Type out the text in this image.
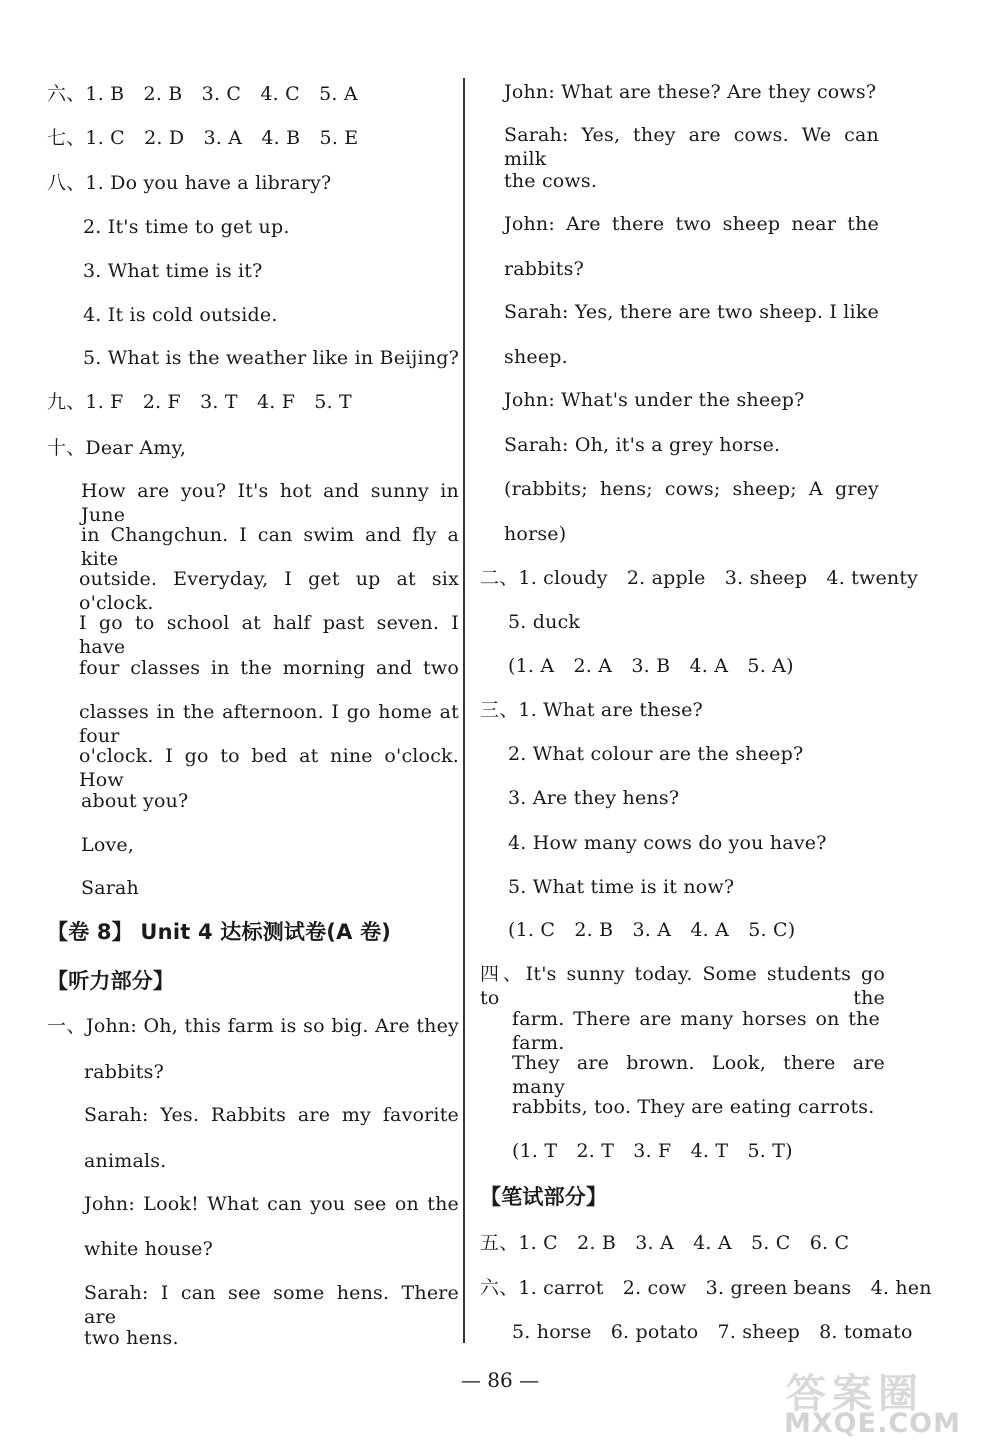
六、1. B　2. B　3. C　4. C　5. A
七、1. C　2. D　3. A　4. B　5. E
八、1. Do you have a library?
2. It's time to get up.
3. What time is it?
4. It is cold outside.
5. What is the weather like in Beijing?
九、1. F　2. F　3. T　4. F　5. T
十、Dear Amy,
How are you? It's hot and sunny in June
in Changchun. I can swim and fly a kite
outside. Everyday, I get up at six o'clock.
I go to school at half past seven. I have
four classes in the morning and two
classes in the afternoon. I go home at four
o'clock. I go to bed at nine o'clock. How
about you?
Love,
Sarah
【卷 8】 Unit 4 达标测试卷(A 卷)
【听力部分】
一、John: Oh, this farm is so big. Are they
rabbits?
Sarah: Yes. Rabbits are my favorite
animals.
John: Look! What can you see on the
white house?
Sarah: I can see some hens. There are
two hens.
John: What are these? Are they cows?
Sarah: Yes, they are cows. We can milk
the cows.
John: Are there two sheep near the
rabbits?
Sarah: Yes, there are two sheep. I like
sheep.
John: What's under the sheep?
Sarah: Oh, it's a grey horse.
(rabbits; hens; cows; sheep; A grey
horse)
二、1. cloudy　2. apple　3. sheep　4. twenty
5. duck
(1. A　2. A　3. B　4. A　5. A)
三、1. What are these?
2. What colour are the sheep?
3. Are they hens?
4. How many cows do you have?
5. What time is it now?
(1. C　2. B　3. A　4. A　5. C)
四、It's sunny today. Some students go to the
farm. There are many horses on the farm.
They are brown. Look, there are many
rabbits, too. They are eating carrots.
(1. T　2. T　3. F　4. T　5. T)
【笔试部分】
五、1. C　2. B　3. A　4. A　5. C　6. C
六、1. carrot　2. cow　3. green beans　4. hen
5. horse　6. potato　7. sheep　8. tomato
— 86 —	答案圈
MXQE.COM
